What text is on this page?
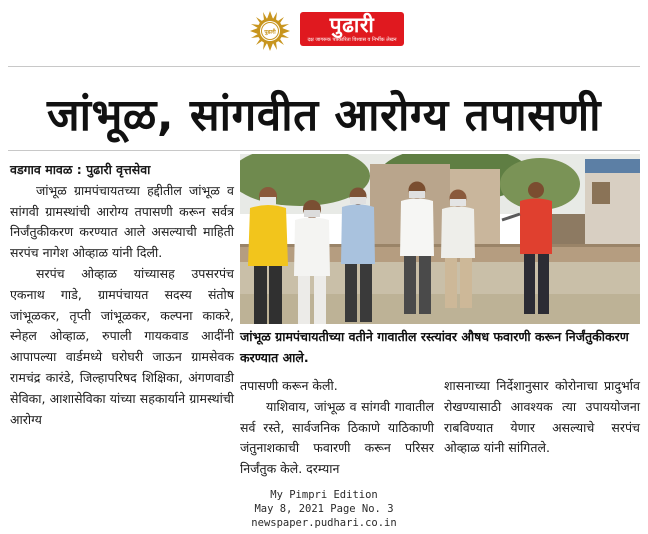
पुढारी	पुढारी
दक्ष जागरूक पत्रकारिता विश्वास व निर्भीक लेखन
जांभूळ, सांगवीत आरोग्य तपासणी

वडगाव मावळ : पुढारी वृत्तसेवा

जांभूळ ग्रामपंचायतच्या हद्दीतील जांभूळ व सांगवी ग्रामस्थांची आरोग्य तपासणी करून सर्वत्र निर्जंतुकीकरण करण्यात आले असल्याची माहिती सरपंच नागेश ओव्हाळ यांनी दिली.

सरपंच ओव्हाळ यांच्यासह उपसरपंच एकनाथ गाडे, ग्रामपंचायत सदस्य संतोष जांभूळकर, तृप्ती जांभूळकर, कल्पना काकरे, स्नेहल ओव्हाळ, रुपाली गायकवाड आदींनी आपापल्या वार्डमध्ये घरोघरी जाऊन ग्रामसेवक रामचंद्र कारंडे, जिल्हापरिषद शिक्षिका, अंगणवाडी सेविका, आशासेविका यांच्या सहकार्याने ग्रामस्थांची आरोग्य

जांभूळ ग्रामपंचायतीच्या वतीने गावातील रस्त्यांवर औषध फवारणी करून निर्जंतुकीकरण करण्यात आले.

तपासणी करून केली.

याशिवाय, जांभूळ व सांगवी गावातील सर्व रस्ते, सार्वजनिक ठिकाणे याठिकाणी जंतुनाशकाची फवारणी करून परिसर निर्जंतुक केले. दरम्यान

शासनाच्या निर्देशानुसार कोरोनाचा प्रादुर्भाव रोखण्यासाठी आवश्यक त्या उपाययोजना राबविण्यात येणार असल्याचे सरपंच ओव्हाळ यांनी सांगितले.

My Pimpri Edition
May 8, 2021 Page No. 3
newspaper.pudhari.co.in
